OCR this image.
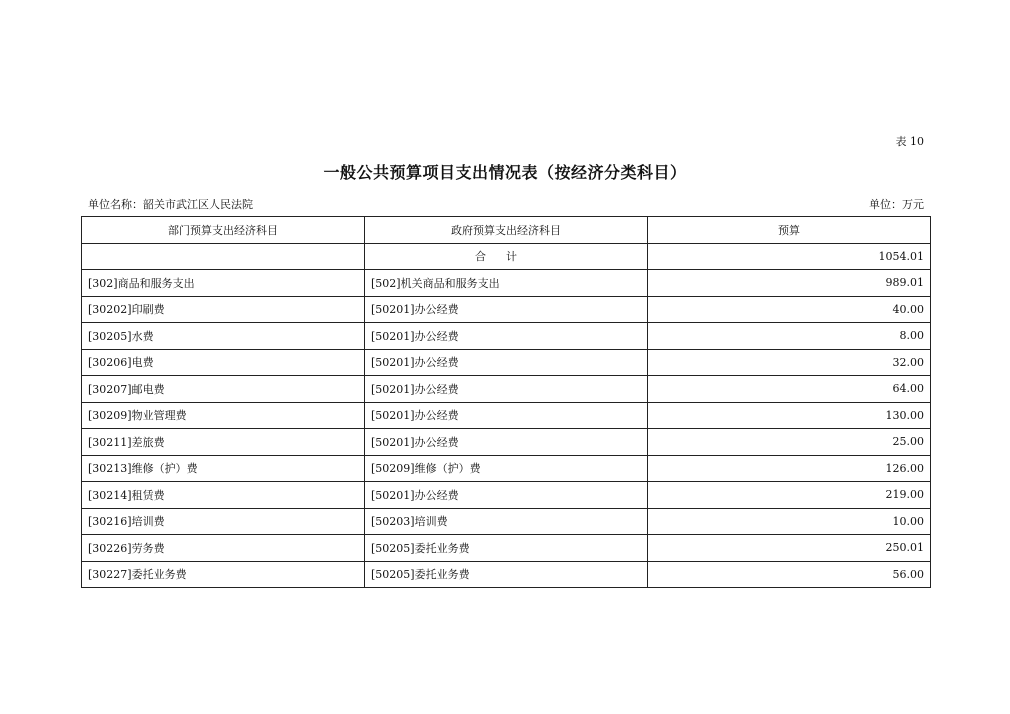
表 10
一般公共预算项目支出情况表（按经济分类科目）
单位名称：韶关市武江区人民法院	单位：万元
部门预算支出经济科目	政府预算支出经济科目	预算
	合计	1054.01
[302]商品和服务支出	[502]机关商品和服务支出	989.01
[30202]印刷费	[50201]办公经费	40.00
[30205]水费	[50201]办公经费	8.00
[30206]电费	[50201]办公经费	32.00
[30207]邮电费	[50201]办公经费	64.00
[30209]物业管理费	[50201]办公经费	130.00
[30211]差旅费	[50201]办公经费	25.00
[30213]维修（护）费	[50209]维修（护）费	126.00
[30214]租赁费	[50201]办公经费	219.00
[30216]培训费	[50203]培训费	10.00
[30226]劳务费	[50205]委托业务费	250.01
[30227]委托业务费	[50205]委托业务费	56.00
